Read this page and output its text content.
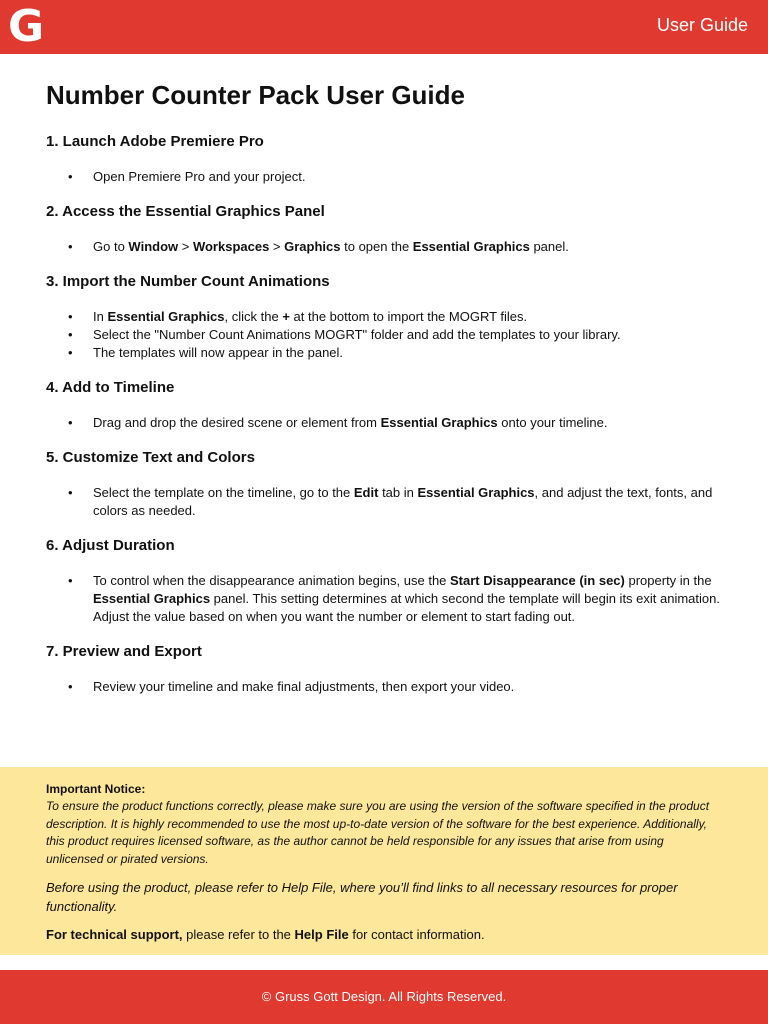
G	User Guide
Number Counter Pack User Guide
1. Launch Adobe Premiere Pro
• Open Premiere Pro and your project.
2. Access the Essential Graphics Panel
• Go to Window > Workspaces > Graphics to open the Essential Graphics panel.
3. Import the Number Count Animations
• In Essential Graphics, click the + at the bottom to import the MOGRT files.
• Select the "Number Count Animations MOGRT" folder and add the templates to your library.
• The templates will now appear in the panel.
4. Add to Timeline
• Drag and drop the desired scene or element from Essential Graphics onto your timeline.
5. Customize Text and Colors
• Select the template on the timeline, go to the Edit tab in Essential Graphics, and adjust the text, fonts, and colors as needed.
6. Adjust Duration
• To control when the disappearance animation begins, use the Start Disappearance (in sec) property in the Essential Graphics panel. This setting determines at which second the template will begin its exit animation. Adjust the value based on when you want the number or element to start fading out.
7. Preview and Export
• Review your timeline and make final adjustments, then export your video.
Important Notice:
To ensure the product functions correctly, please make sure you are using the version of the software specified in the product description. It is highly recommended to use the most up-to-date version of the software for the best experience. Additionally, this product requires licensed software, as the author cannot be held responsible for any issues that arise from using unlicensed or pirated versions.
Before using the product, please refer to Help File, where you’ll find links to all necessary resources for proper functionality.
For technical support, please refer to the Help File for contact information.
© Gruss Gott Design. All Rights Reserved.
